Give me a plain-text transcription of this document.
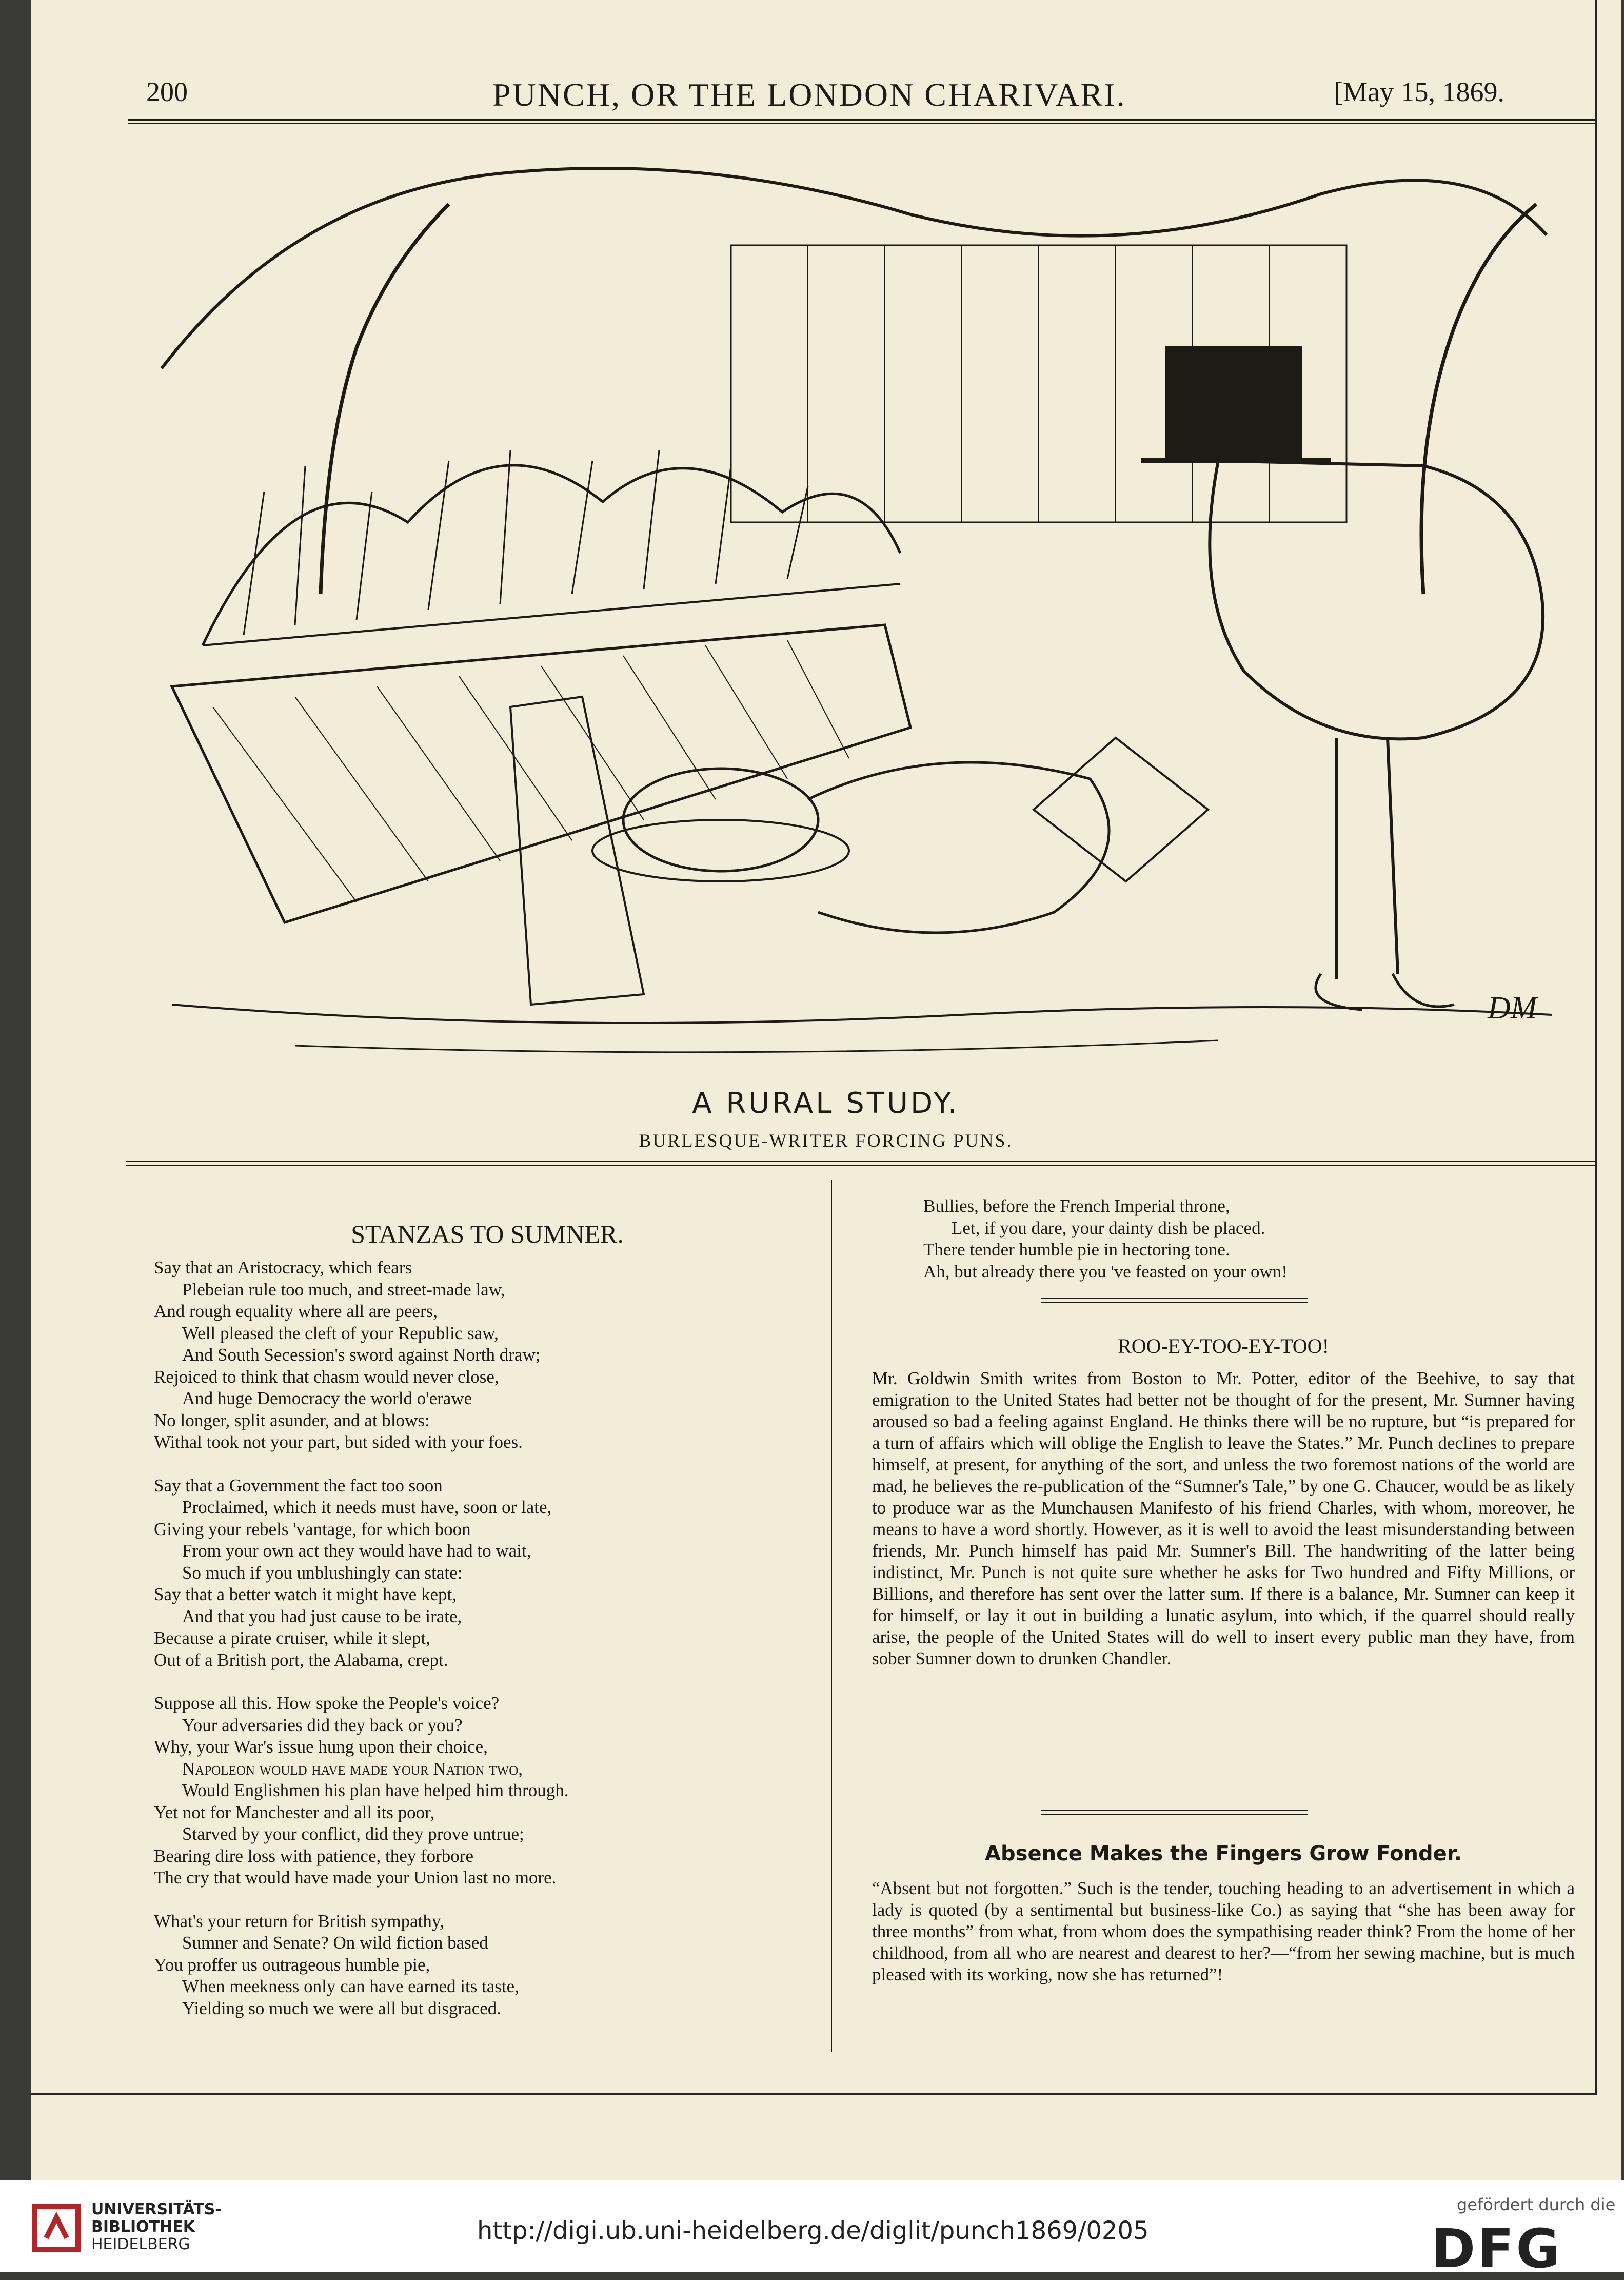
200	PUNCH, OR THE LONDON CHARIVARI.	[May 15, 1869.
DM
A RURAL STUDY.
BURLESQUE-WRITER FORCING PUNS.
STANZAS TO SUMNER.
Say that an Aristocracy, which fears
Plebeian rule too much, and street-made law,
And rough equality where all are peers,
Well pleased the cleft of your Republic saw,
And South Secession's sword against North draw;
Rejoiced to think that chasm would never close,
And huge Democracy the world o'erawe
No longer, split asunder, and at blows:
Withal took not your part, but sided with your foes.
Say that a Government the fact too soon
Proclaimed, which it needs must have, soon or late,
Giving your rebels 'vantage, for which boon
From your own act they would have had to wait,
So much if you unblushingly can state:
Say that a better watch it might have kept,
And that you had just cause to be irate,
Because a pirate cruiser, while it slept,
Out of a British port, the Alabama, crept.
Suppose all this. How spoke the People's voice?
Your adversaries did they back or you?
Why, your War's issue hung upon their choice,
Napoleon would have made your Nation two,
Would Englishmen his plan have helped him through.
Yet not for Manchester and all its poor,
Starved by your conflict, did they prove untrue;
Bearing dire loss with patience, they forbore
The cry that would have made your Union last no more.
What's your return for British sympathy,
Sumner and Senate? On wild fiction based
You proffer us outrageous humble pie,
When meekness only can have earned its taste,
Yielding so much we were all but disgraced.
Bullies, before the French Imperial throne,
Let, if you dare, your dainty dish be placed.
There tender humble pie in hectoring tone.
Ah, but already there you 've feasted on your own!
ROO-EY-TOO-EY-TOO!
Mr. Goldwin Smith writes from Boston to Mr. Potter, editor of the Beehive, to say that emigration to the United States had better not be thought of for the present, Mr. Sumner having aroused so bad a feeling against England. He thinks there will be no rupture, but “is prepared for a turn of affairs which will oblige the English to leave the States.” Mr. Punch declines to prepare himself, at present, for anything of the sort, and unless the two foremost nations of the world are mad, he believes the re-publication of the “Sumner's Tale,” by one G. Chaucer, would be as likely to produce war as the Munchausen Manifesto of his friend Charles, with whom, moreover, he means to have a word shortly. However, as it is well to avoid the least misunderstanding between friends, Mr. Punch himself has paid Mr. Sumner's Bill. The handwriting of the latter being indistinct, Mr. Punch is not quite sure whether he asks for Two hundred and Fifty Millions, or Billions, and therefore has sent over the latter sum. If there is a balance, Mr. Sumner can keep it for himself, or lay it out in building a lunatic asylum, into which, if the quarrel should really arise, the people of the United States will do well to insert every public man they have, from sober Sumner down to drunken Chandler.
Absence Makes the Fingers Grow Fonder.
“Absent but not forgotten.” Such is the tender, touching heading to an advertisement in which a lady is quoted (by a sentimental but business-like Co.) as saying that “she has been away for three months” from what, from whom does the sympathising reader think? From the home of her childhood, from all who are nearest and dearest to her?—“from her sewing machine, but is much pleased with its working, now she has returned”!
UNIVERSITÄTS-
BIBLIOTHEK
HEIDELBERG	http://digi.ub.uni-heidelberg.de/diglit/punch1869/0205
gefördert durch die
DFG
